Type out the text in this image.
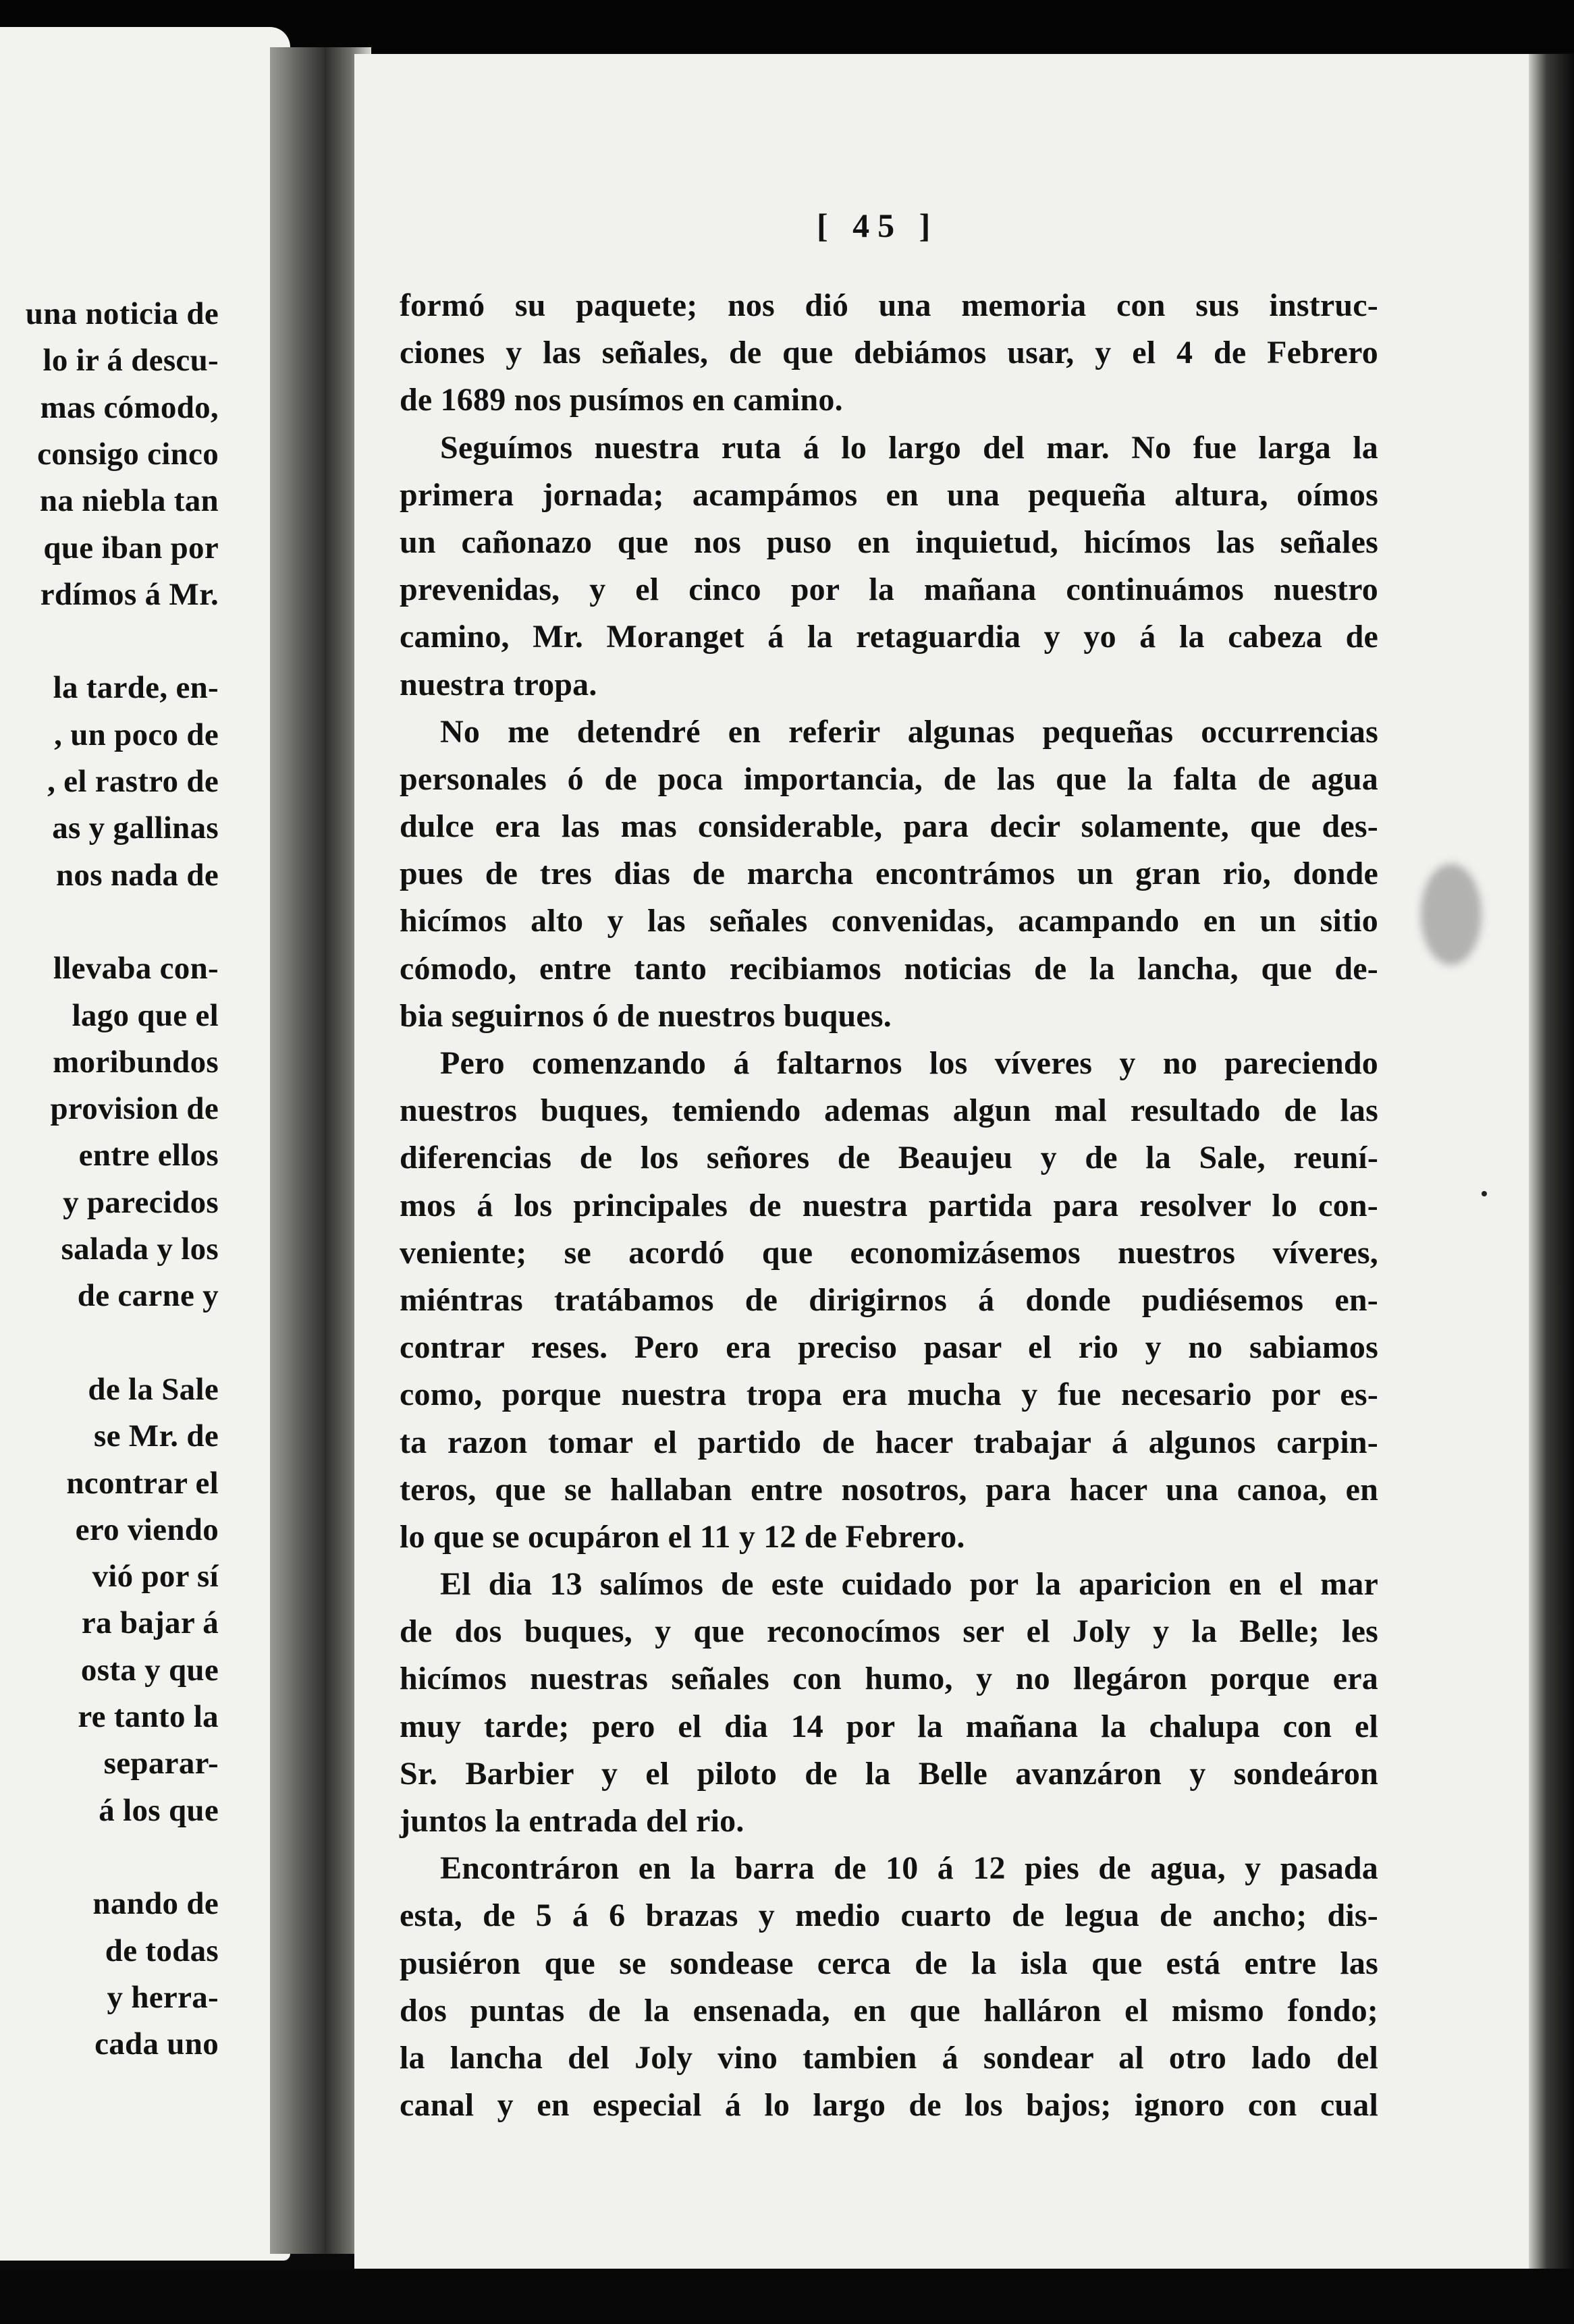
una noticia de
lo ir á descu-
mas cómodo,
consigo cinco
na niebla tan
que iban por
rdímos á Mr.
la tarde, en-
, un poco de
, el rastro de
as y gallinas
nos nada de
llevaba con-
lago que el
moribundos
provision de
entre ellos
y parecidos
salada y los
de carne y
de la Sale
se Mr. de
ncontrar el
ero viendo
vió por sí
ra bajar á
osta y que
re tanto la
separar-
á los que
nando de
de todas
y herra-
cada uno
[ 45 ]
formó su paquete; nos dió una memoria con sus instruc-
ciones y las señales, de que debiámos usar, y el 4 de Febrero
de 1689 nos pusímos en camino.
Seguímos nuestra ruta á lo largo del mar. No fue larga la
primera jornada; acampámos en una pequeña altura, oímos
un cañonazo que nos puso en inquietud, hicímos las señales
prevenidas, y el cinco por la mañana continuámos nuestro
camino, Mr. Moranget á la retaguardia y yo á la cabeza de
nuestra tropa.
No me detendré en referir algunas pequeñas occurrencias
personales ó de poca importancia, de las que la falta de agua
dulce era las mas considerable, para decir solamente, que des-
pues de tres dias de marcha encontrámos un gran rio, donde
hicímos alto y las señales convenidas, acampando en un sitio
cómodo, entre tanto recibiamos noticias de la lancha, que de-
bia seguirnos ó de nuestros buques.
Pero comenzando á faltarnos los víveres y no pareciendo
nuestros buques, temiendo ademas algun mal resultado de las
diferencias de los señores de Beaujeu y de la Sale, reuní-
mos á los principales de nuestra partida para resolver lo con-
veniente; se acordó que economizásemos nuestros víveres,
miéntras tratábamos de dirigirnos á donde pudiésemos en-
contrar reses. Pero era preciso pasar el rio y no sabiamos
como, porque nuestra tropa era mucha y fue necesario por es-
ta razon tomar el partido de hacer trabajar á algunos carpin-
teros, que se hallaban entre nosotros, para hacer una canoa, en
lo que se ocupáron el 11 y 12 de Febrero.
El dia 13 salímos de este cuidado por la aparicion en el mar
de dos buques, y que reconocímos ser el Joly y la Belle; les
hicímos nuestras señales con humo, y no llegáron porque era
muy tarde; pero el dia 14 por la mañana la chalupa con el
Sr. Barbier y el piloto de la Belle avanzáron y sondeáron
juntos la entrada del rio.
Encontráron en la barra de 10 á 12 pies de agua, y pasada
esta, de 5 á 6 brazas y medio cuarto de legua de ancho; dis-
pusiéron que se sondease cerca de la isla que está entre las
dos puntas de la ensenada, en que halláron el mismo fondo;
la lancha del Joly vino tambien á sondear al otro lado del
canal y en especial á lo largo de los bajos; ignoro con cual
